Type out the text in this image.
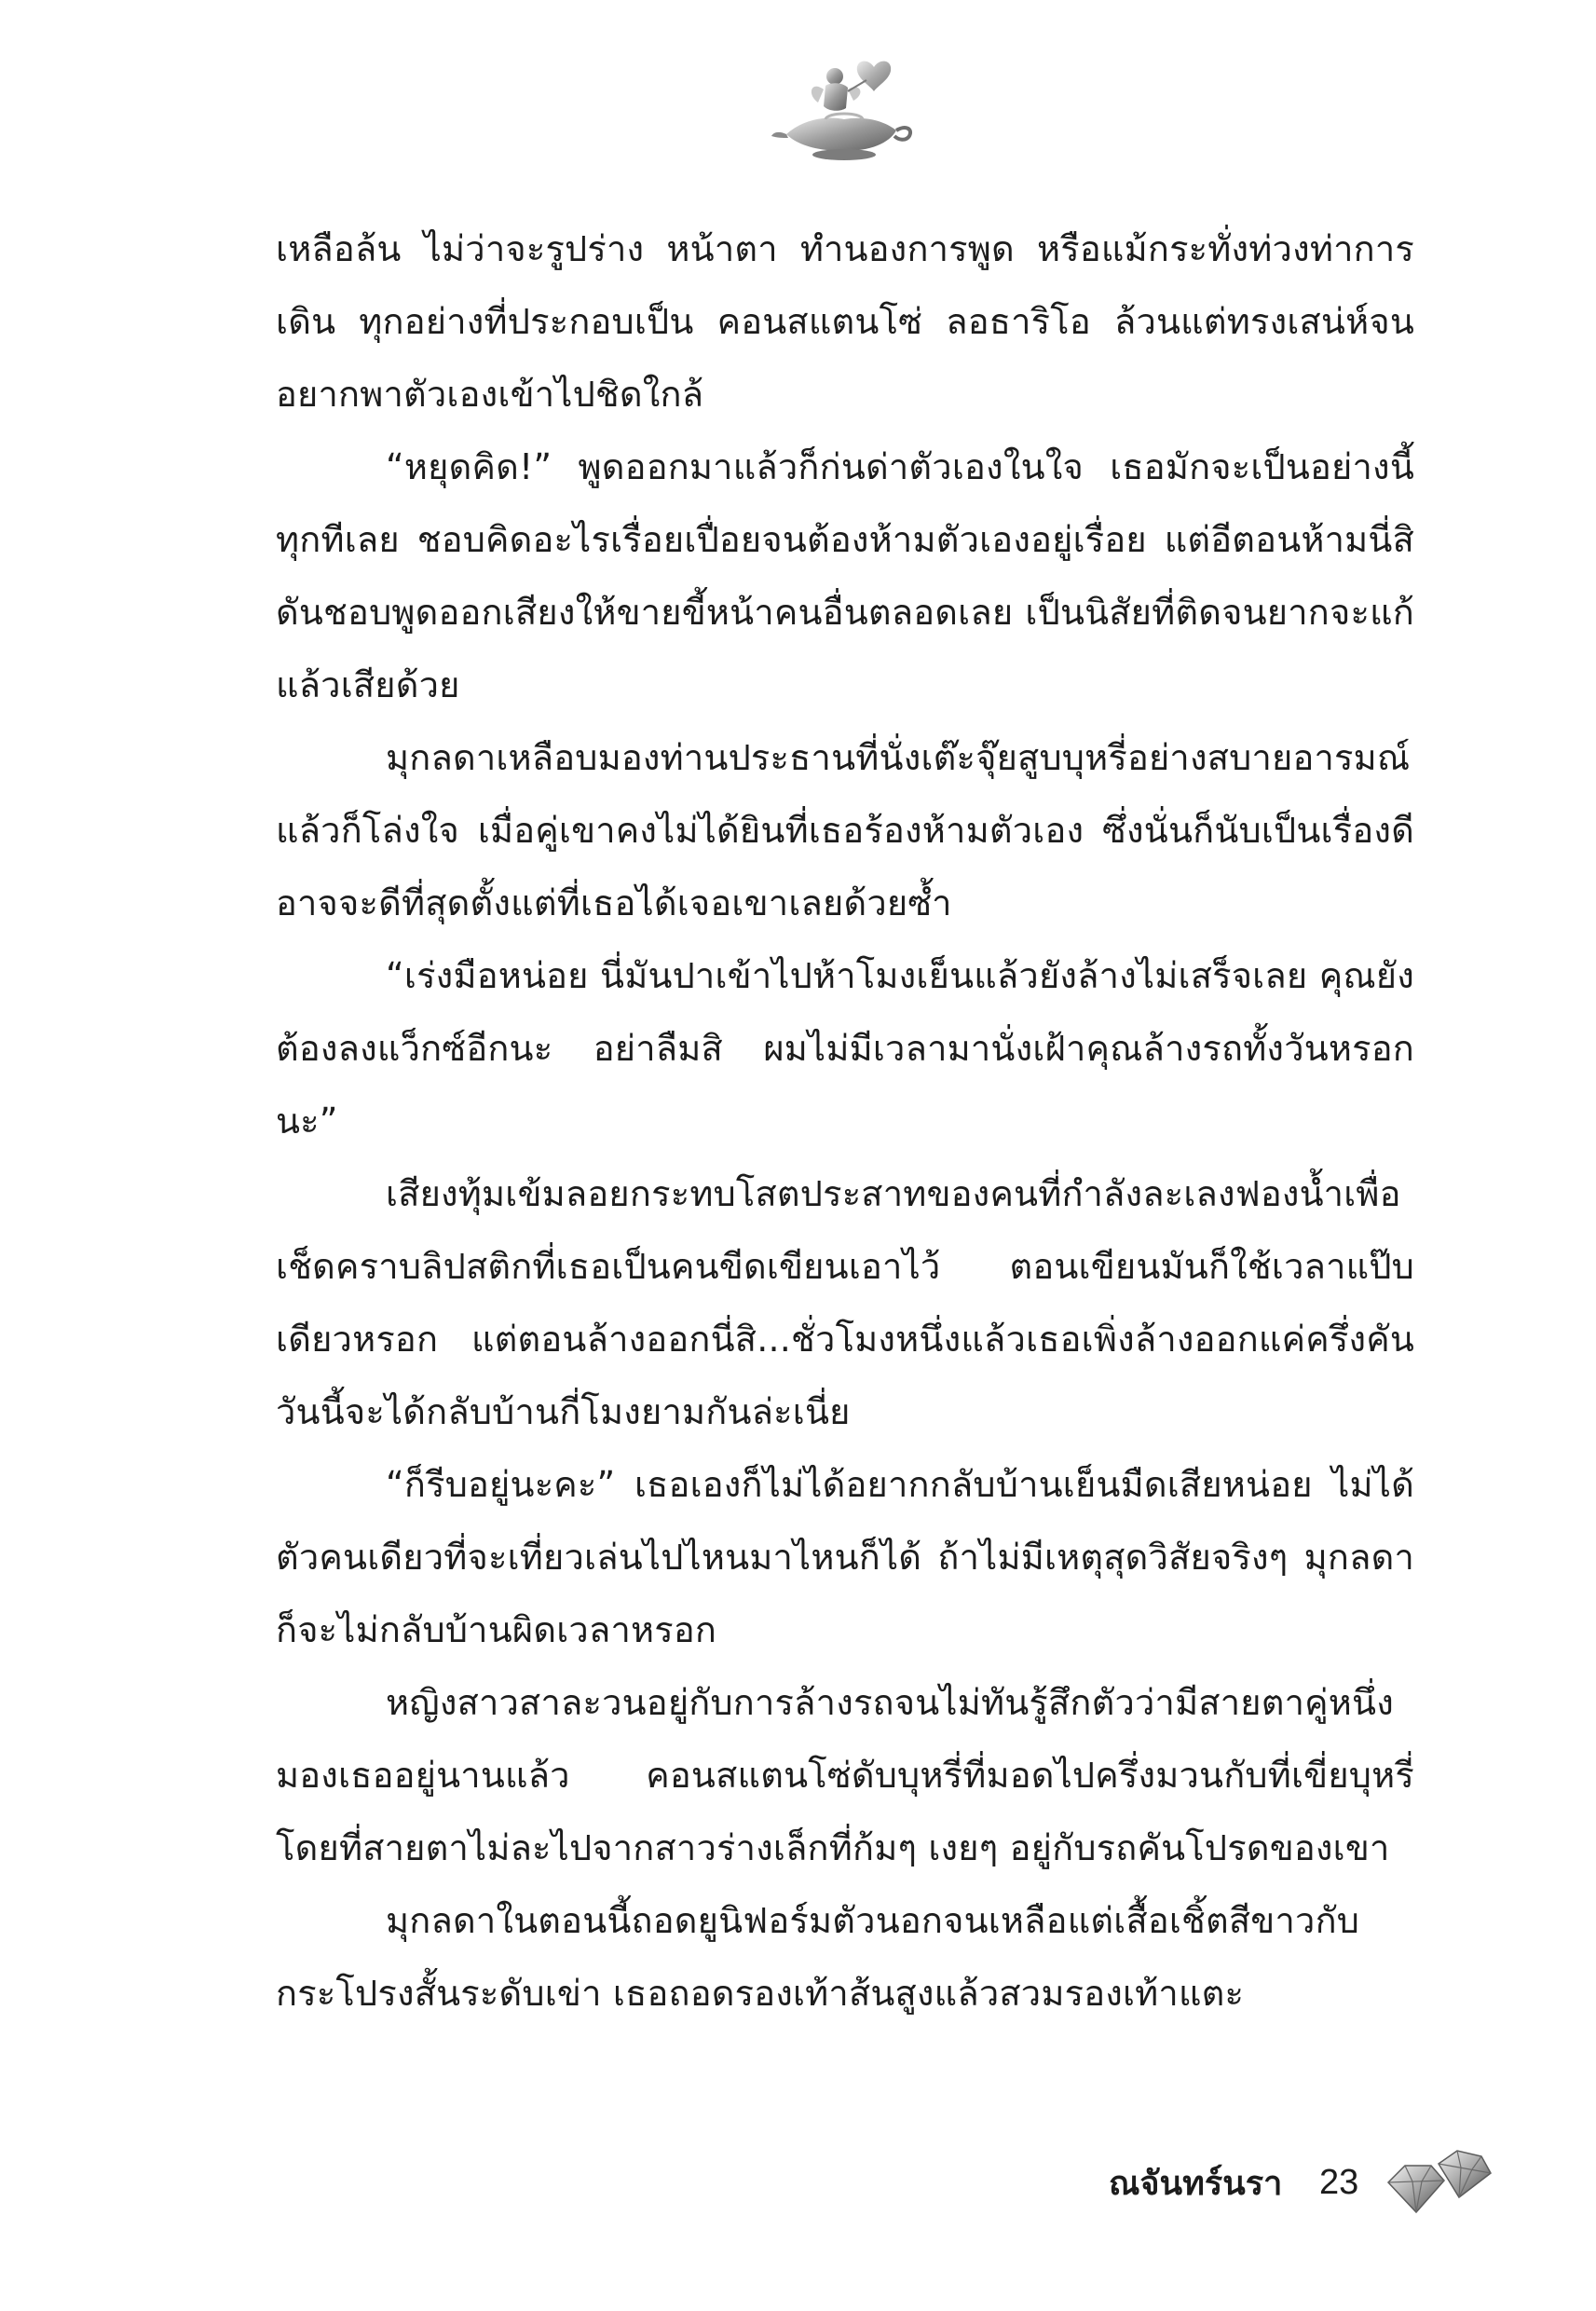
เหลือล้น ไม่ว่าจะรูปร่าง หน้าตา ทำนองการพูด หรือแม้กระทั่งท่วงท่าการเดิน ทุกอย่างที่ประกอบเป็น คอนสแตนโซ่ ลอธาริโอ ล้วนแต่ทรงเสน่ห์จนอยากพาตัวเองเข้าไปชิดใกล้

“หยุดคิด!” พูดออกมาแล้วก็ก่นด่าตัวเองในใจ เธอมักจะเป็นอย่างนี้ทุกทีเลย ชอบคิดอะไรเรื่อยเปื่อยจนต้องห้ามตัวเองอยู่เรื่อย แต่อีตอนห้ามนี่สิ ดันชอบพูดออกเสียงให้ขายขี้หน้าคนอื่นตลอดเลย เป็นนิสัยที่ติดจนยากจะแก้แล้วเสียด้วย

มุกลดาเหลือบมองท่านประธานที่นั่งเต๊ะจุ๊ยสูบบุหรี่อย่างสบายอารมณ์แล้วก็โล่งใจ เมื่อคู่เขาคงไม่ได้ยินที่เธอร้องห้ามตัวเอง ซึ่งนั่นก็นับเป็นเรื่องดี อาจจะดีที่สุดตั้งแต่ที่เธอได้เจอเขาเลยด้วยซ้ำ

“เร่งมือหน่อย นี่มันปาเข้าไปห้าโมงเย็นแล้วยังล้างไม่เสร็จเลย คุณยังต้องลงแว็กซ์อีกนะ อย่าลืมสิ ผมไม่มีเวลามานั่งเฝ้าคุณล้างรถทั้งวันหรอกนะ”

เสียงทุ้มเข้มลอยกระทบโสตประสาทของคนที่กำลังละเลงฟองน้ำเพื่อเช็ดคราบลิปสติกที่เธอเป็นคนขีดเขียนเอาไว้ ตอนเขียนมันก็ใช้เวลาแป๊บเดียวหรอก แต่ตอนล้างออกนี่สิ...ชั่วโมงหนึ่งแล้วเธอเพิ่งล้างออกแค่ครึ่งคัน วันนี้จะได้กลับบ้านกี่โมงยามกันล่ะเนี่ย

“ก็รีบอยู่นะคะ” เธอเองก็ไม่ได้อยากกลับบ้านเย็นมืดเสียหน่อย ไม่ได้ตัวคนเดียวที่จะเที่ยวเล่นไปไหนมาไหนก็ได้ ถ้าไม่มีเหตุสุดวิสัยจริงๆ มุกลดาก็จะไม่กลับบ้านผิดเวลาหรอก

หญิงสาวสาละวนอยู่กับการล้างรถจนไม่ทันรู้สึกตัวว่ามีสายตาคู่หนึ่งมองเธออยู่นานแล้ว คอนสแตนโซ่ดับบุหรี่ที่มอดไปครึ่งมวนกับที่เขี่ยบุหรี่โดยที่สายตาไม่ละไปจากสาวร่างเล็กที่ก้มๆ เงยๆ อยู่กับรถคันโปรดของเขา

มุกลดาในตอนนี้ถอดยูนิฟอร์มตัวนอกจนเหลือแต่เสื้อเชิ้ตสีขาวกับกระโปรงสั้นระดับเข่า เธอถอดรองเท้าส้นสูงแล้วสวมรองเท้าแตะ

ณจันทร์นรา 23
